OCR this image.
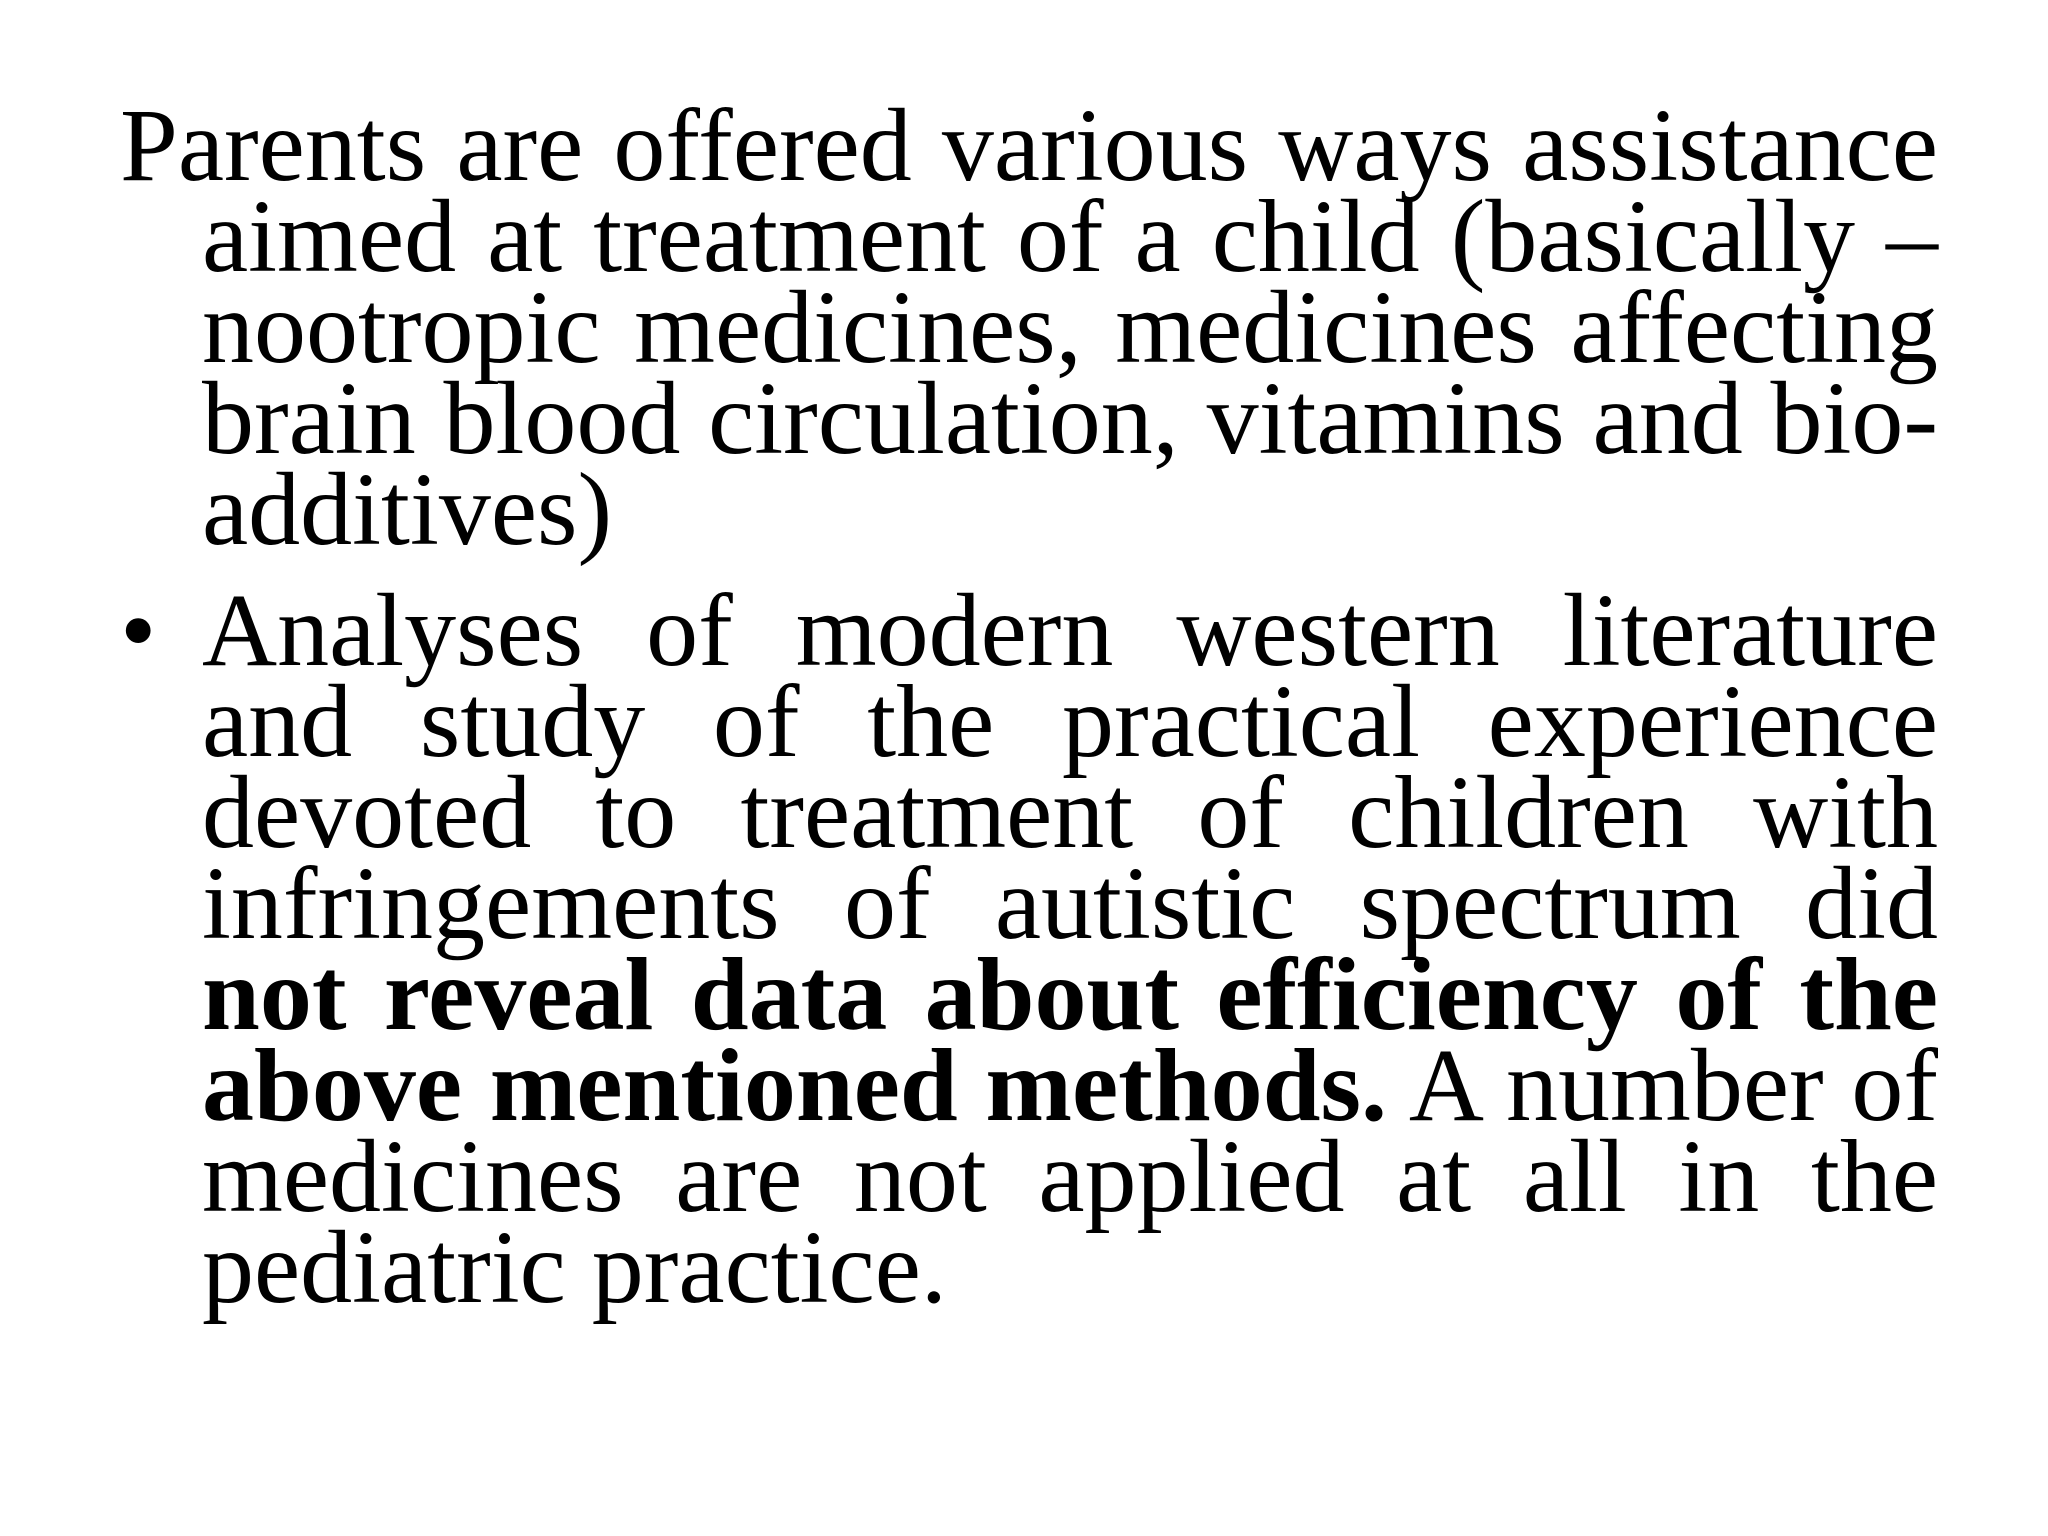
Parents are offered various ways assistance aimed at treatment of a child (basically – nootropic medicines, medicines affecting brain blood circulation, vitamins and bio-additives)

• Analyses of modern western literature and study of the practical experience devoted to treatment of children with infringements of autistic spectrum did not reveal data about efficiency of the above mentioned methods. A number of medicines are not applied at all in the pediatric practice.
